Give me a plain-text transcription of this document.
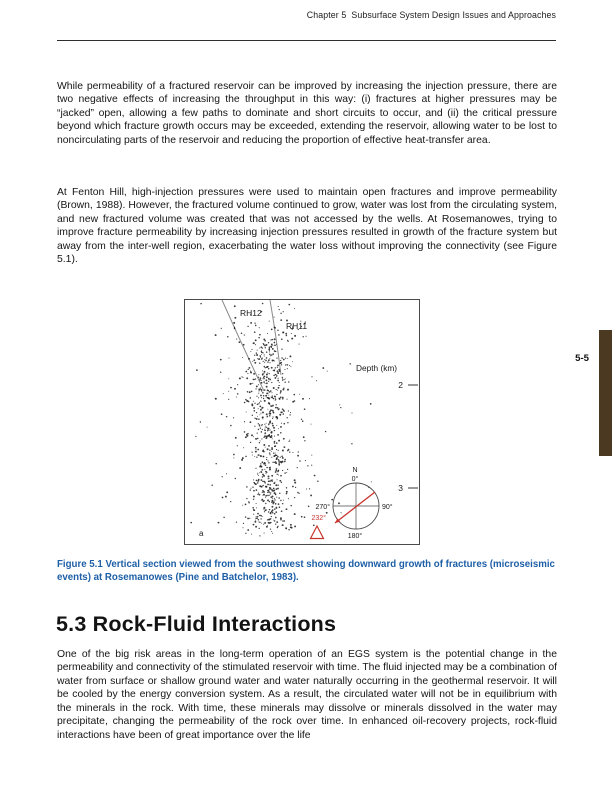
Chapter 5  Subsurface System Design Issues and Approaches
While permeability of a fractured reservoir can be improved by increasing the injection pressure, there are two negative effects of increasing the throughput in this way: (i) fractures at higher pressures may be “jacked” open, allowing a few paths to dominate and short circuits to occur, and (ii) the critical pressure beyond which fracture growth occurs may be exceeded, extending the reservoir, allowing water to be lost to noncirculating parts of the reservoir and reducing the proportion of effective heat-transfer area.
At Fenton Hill, high-injection pressures were used to maintain open fractures and improve permeability (Brown, 1988). However, the fractured volume continued to grow, water was lost from the circulating system, and new fractured volume was created that was not accessed by the wells. At Rosemanowes, trying to improve fracture permeability by increasing injection pressures resulted in growth of the fracture system but away from the inter-well region, exacerbating the water loss without improving the connectivity (see Figure 5.1).
RH12
RH11
Depth (km)
2
3
N
0°
270°	90°
180°
232°
a
Figure 5.1 Vertical section viewed from the southwest showing downward growth of fractures (microseismic events) at Rosemanowes (Pine and Batchelor, 1983).
5.3 Rock-Fluid Interactions
One of the big risk areas in the long-term operation of an EGS system is the potential change in the permeability and connectivity of the stimulated reservoir with time. The fluid injected may be a combination of water from surface or shallow ground water and water naturally occurring in the geothermal reservoir. It will be cooled by the energy conversion system. As a result, the circulated water will not be in equilibrium with the minerals in the rock. With time, these minerals may dissolve or minerals dissolved in the water may precipitate, changing the permeability of the rock over time. In enhanced oil-recovery projects, rock-fluid interactions have been of great importance over the life
5-5
